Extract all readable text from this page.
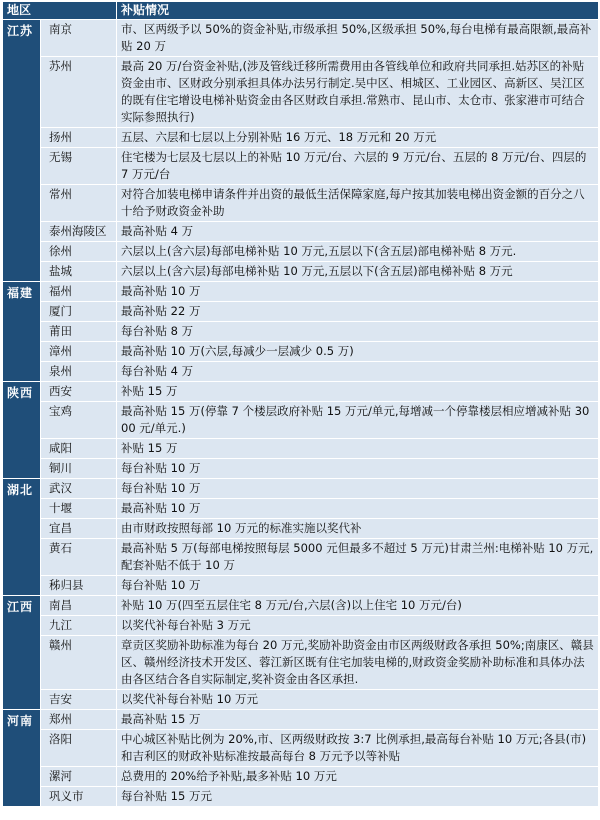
地区		补贴情况
江苏	南京	市、区两级予以 50%的资金补贴,市级承担 50%,区级承担 50%,每台电梯有最高限额,最高补贴 20 万
	苏州	最高 20 万/台资金补贴,(涉及管线迁移所需费用由各管线单位和政府共同承担.姑苏区的补贴资金由市、区财政分别承担具体办法另行制定.吴中区、相城区、工业园区、高新区、吴江区的既有住宅增设电梯补贴资金由各区财政自承担.常熟市、昆山市、太仓市、张家港市可结合实际参照执行)
	扬州	五层、六层和七层以上分别补贴 16 万元、18 万元和 20 万元
	无锡	住宅楼为七层及七层以上的补贴 10 万元/台、六层的 9 万元/台、五层的 8 万元/台、四层的 7 万元/台
	常州	对符合加装电梯申请条件并出资的最低生活保障家庭,每户按其加装电梯出资金额的百分之八十给予财政资金补助
	泰州海陵区	最高补贴 4 万
	徐州	六层以上(含六层)每部电梯补贴 10 万元,五层以下(含五层)部电梯补贴 8 万元.
	盐城	六层以上(含六层)每部电梯补贴 10 万元,五层以下(含五层)部电梯补贴 8 万元
福建	福州	最高补贴 10 万
	厦门	最高补贴 22 万
	莆田	每台补贴 8 万
	漳州	最高补贴 10 万(六层,每减少一层减少 0.5 万)
	泉州	每台补贴 4 万
陕西	西安	补贴 15 万
	宝鸡	最高补贴 15 万(停靠 7 个楼层政府补贴 15 万元/单元,每增减一个停靠楼层相应增减补贴 3000 元/单元.)
	咸阳	补贴 15 万
	铜川	每台补贴 10 万
湖北	武汉	每台补贴 10 万
	十堰	最高补贴 10 万
	宜昌	由市财政按照每部 10 万元的标准实施以奖代补
	黄石	最高补贴 5 万(每部电梯按照每层 5000 元但最多不超过 5 万元)甘肃兰州:电梯补贴 10 万元,配套补贴不低于 10 万
	秭归县	每台补贴 10 万
江西	南昌	补贴 10 万(四至五层住宅 8 万元/台,六层(含)以上住宅 10 万元/台)
	九江	以奖代补每台补贴 3 万元
	赣州	章贡区奖励补助标准为每台 20 万元,奖励补助资金由市区两级财政各承担 50%;南康区、赣县区、赣州经济技术开发区、蓉江新区既有住宅加装电梯的,财政资金奖励补助标准和具体办法由各区结合各自实际制定,奖补资金由各区承担.
	吉安	以奖代补每台补贴 10 万元
河南	郑州	最高补贴 15 万
	洛阳	中心城区补贴比例为 20%,市、区两级财政按 3:7 比例承担,最高每台补贴 10 万元;各县(市)和吉利区的财政补贴标准按最高每台 8 万元予以等补贴
	漯河	总费用的 20%给予补贴,最多补贴 10 万元
	巩义市	每台补贴 15 万元
